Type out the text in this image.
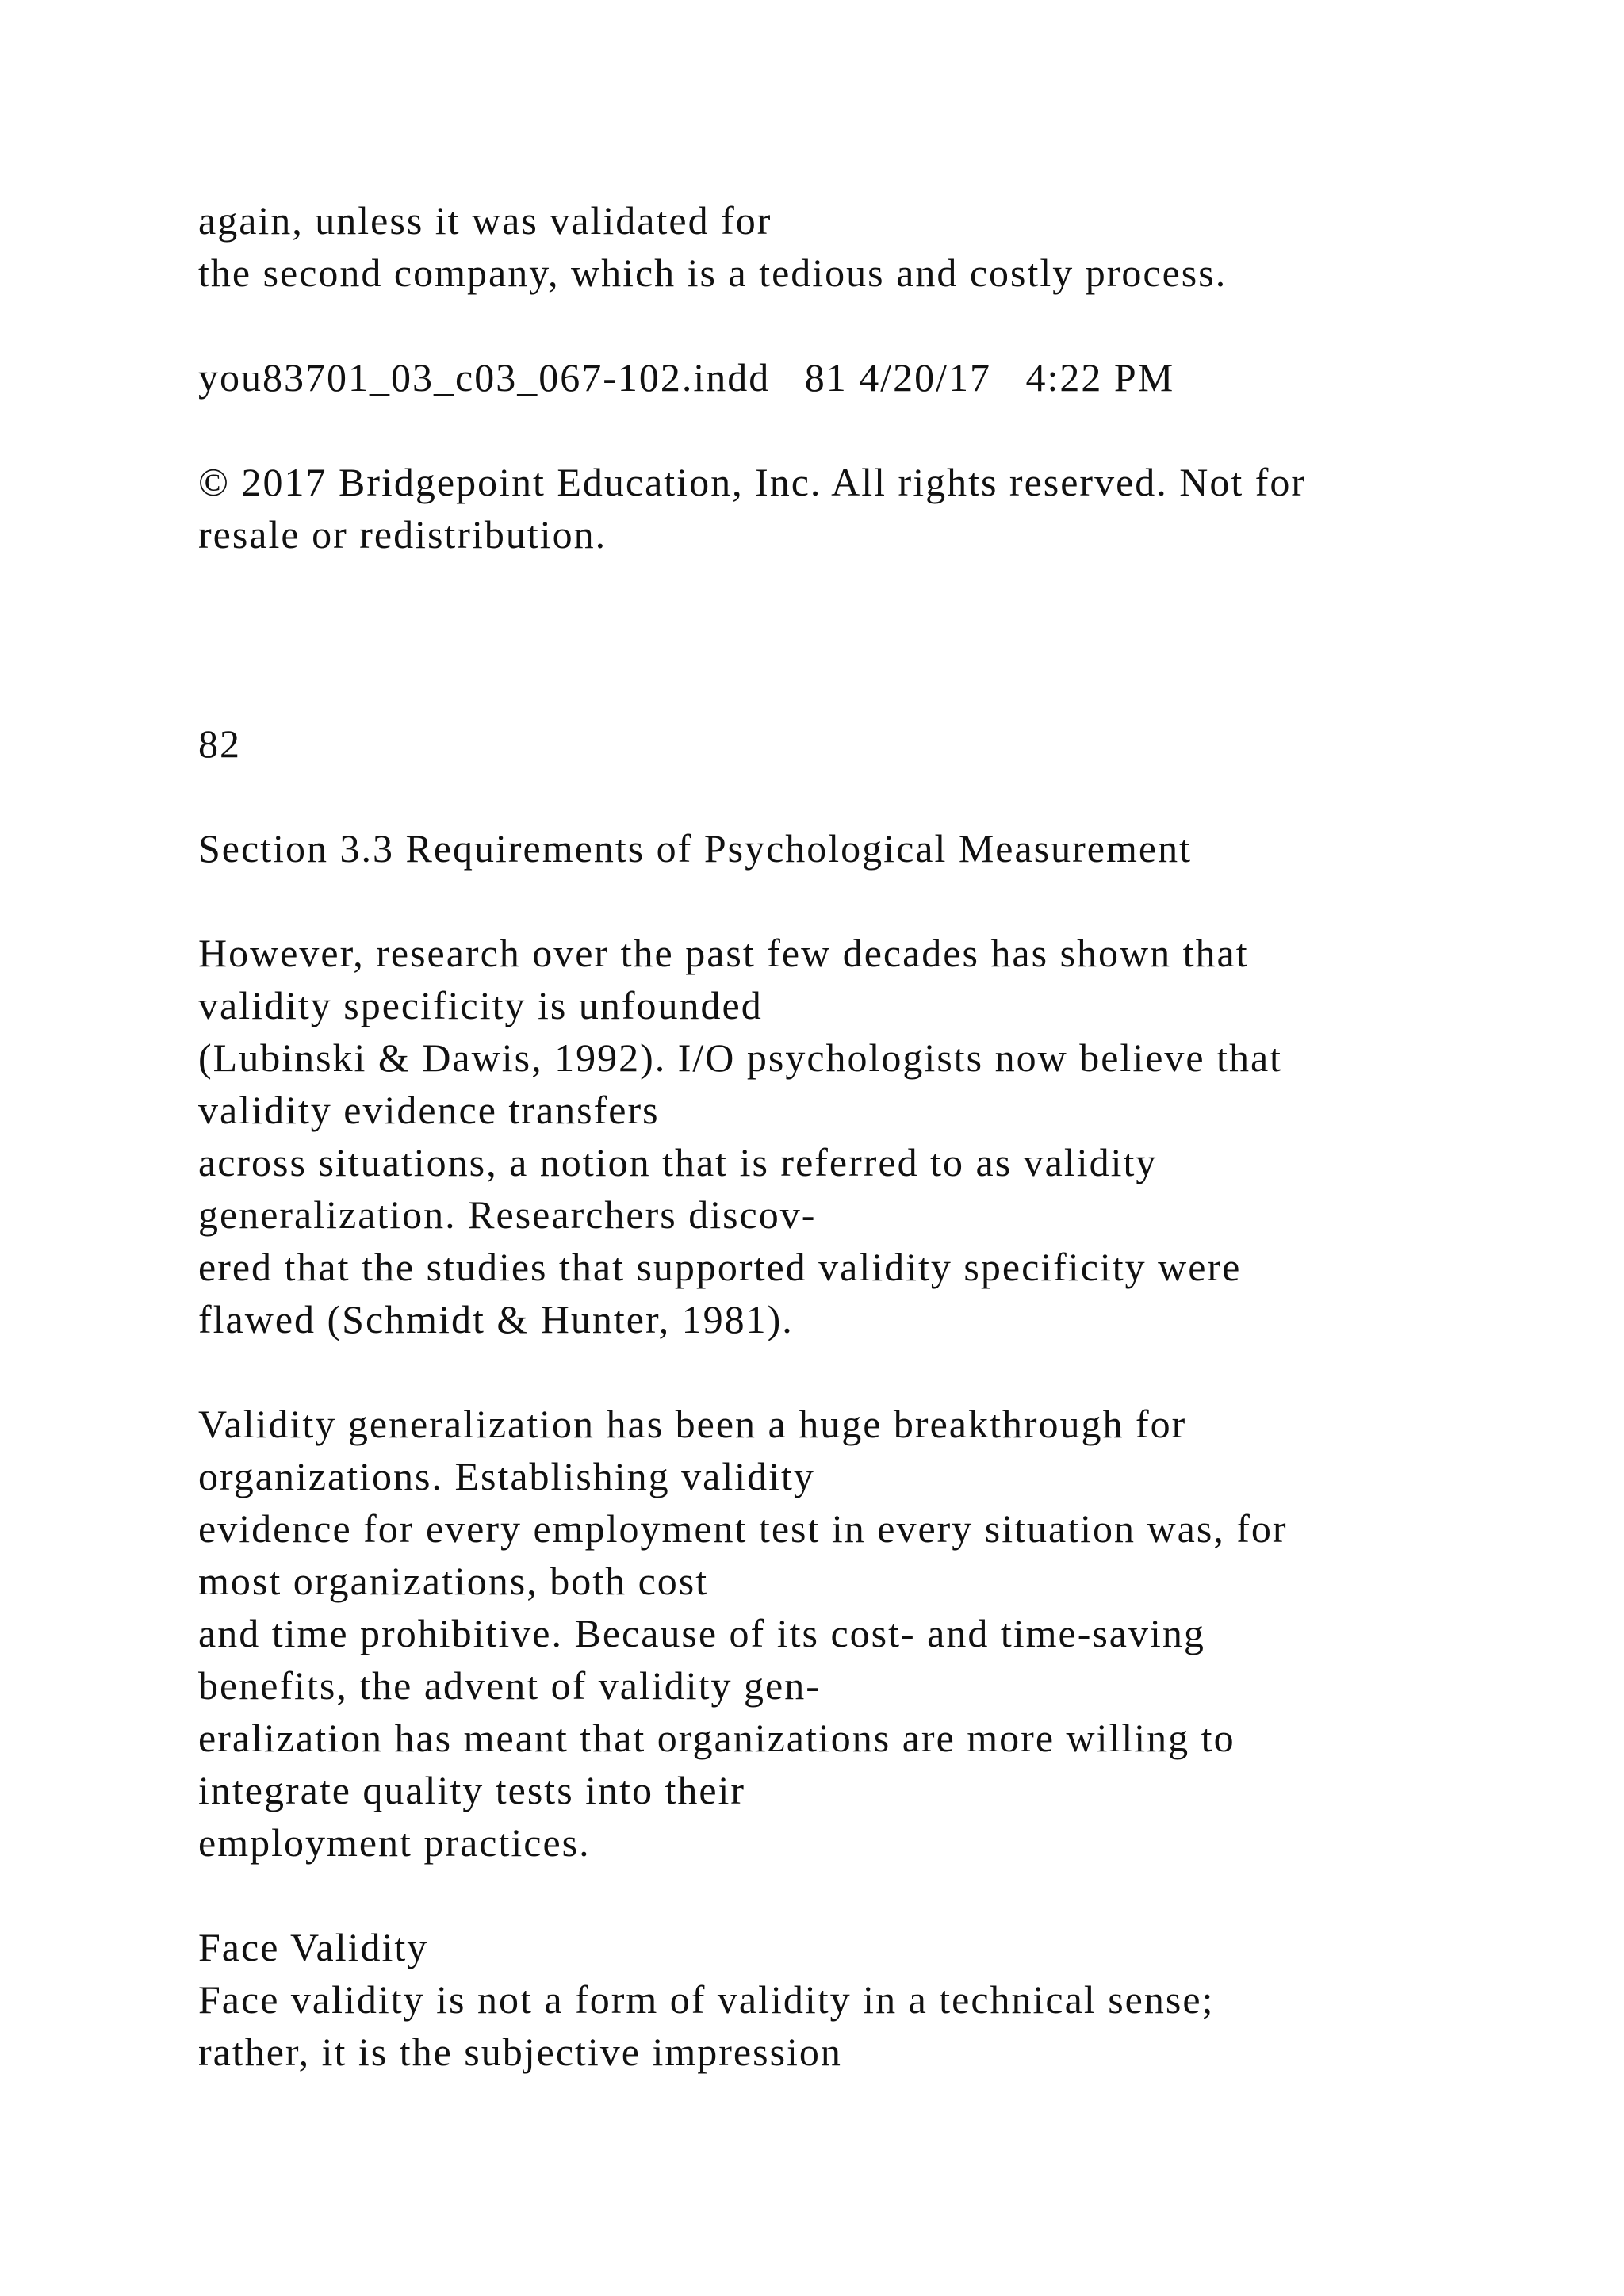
again, unless it was validated for
the second company, which is a tedious and costly process.
you83701_03_c03_067-102.indd   81 4/20/17   4:22 PM
© 2017 Bridgepoint Education, Inc. All rights reserved. Not for
resale or redistribution.
82
Section 3.3 Requirements of Psychological Measurement
However, research over the past few decades has shown that
validity specificity is unfounded
(Lubinski & Dawis, 1992). I/O psychologists now believe that
validity evidence transfers
across situations, a notion that is referred to as validity
generalization. Researchers discov-
ered that the studies that supported validity specificity were
flawed (Schmidt & Hunter, 1981).
Validity generalization has been a huge breakthrough for
organizations. Establishing validity
evidence for every employment test in every situation was, for
most organizations, both cost
and time prohibitive. Because of its cost- and time-saving
benefits, the advent of validity gen-
eralization has meant that organizations are more willing to
integrate quality tests into their
employment practices.
Face Validity
Face validity is not a form of validity in a technical sense;
rather, it is the subjective impression
